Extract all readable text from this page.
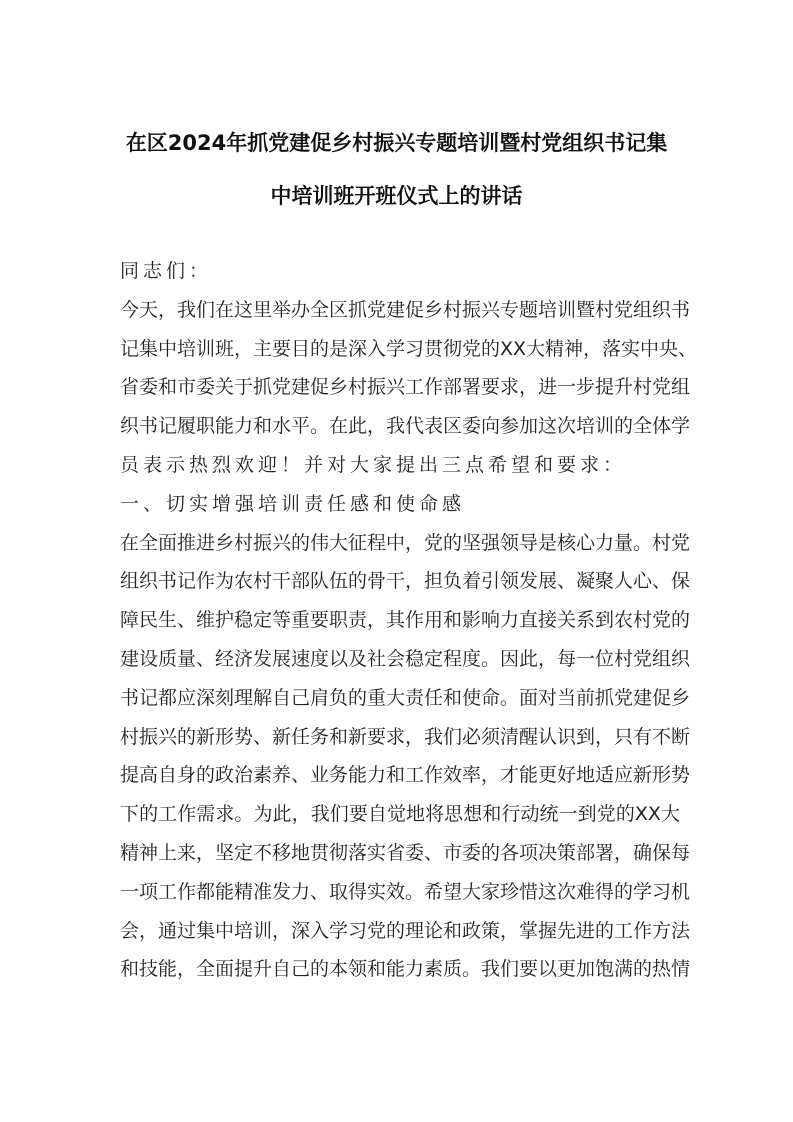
在区2024年抓党建促乡村振兴专题培训暨村党组织书记集
中培训班开班仪式上的讲话
同志们：
今天，我们在这里举办全区抓党建促乡村振兴专题培训暨村党组织书
记集中培训班，主要目的是深入学习贯彻党的XX大精神，落实中央、
省委和市委关于抓党建促乡村振兴工作部署要求，进一步提升村党组
织书记履职能力和水平。在此，我代表区委向参加这次培训的全体学
员表示热烈欢迎！并对大家提出三点希望和要求：
一、切实增强培训责任感和使命感
在全面推进乡村振兴的伟大征程中，党的坚强领导是核心力量。村党
组织书记作为农村干部队伍的骨干，担负着引领发展、凝聚人心、保
障民生、维护稳定等重要职责，其作用和影响力直接关系到农村党的
建设质量、经济发展速度以及社会稳定程度。因此，每一位村党组织
书记都应深刻理解自己肩负的重大责任和使命。面对当前抓党建促乡
村振兴的新形势、新任务和新要求，我们必须清醒认识到，只有不断
提高自身的政治素养、业务能力和工作效率，才能更好地适应新形势
下的工作需求。为此，我们要自觉地将思想和行动统一到党的XX大
精神上来，坚定不移地贯彻落实省委、市委的各项决策部署，确保每
一项工作都能精准发力、取得实效。希望大家珍惜这次难得的学习机
会，通过集中培训，深入学习党的理论和政策，掌握先进的工作方法
和技能，全面提升自己的本领和能力素质。我们要以更加饱满的热情
